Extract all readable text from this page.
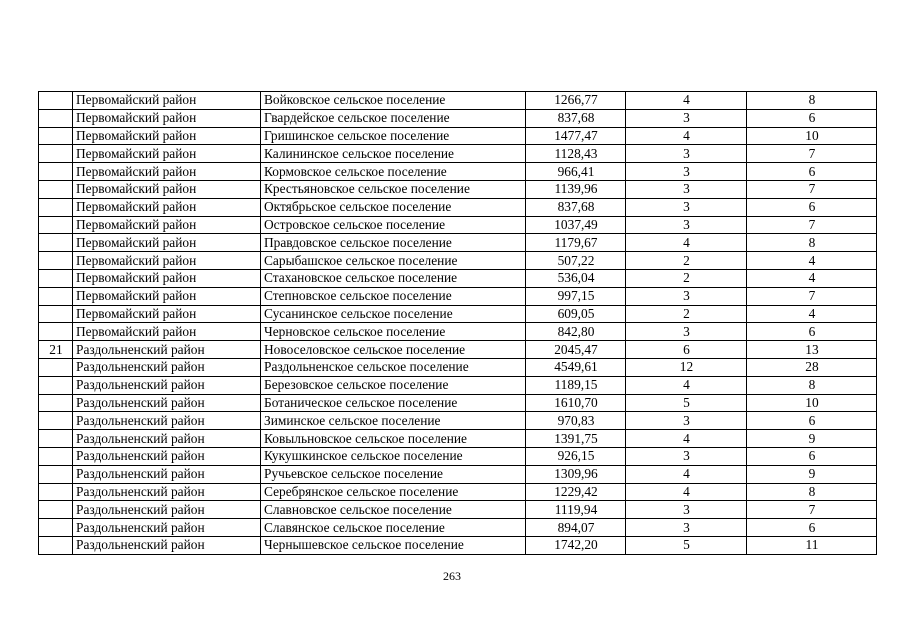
	Первомайский район	Войковское сельское поселение	1266,77	4	8
	Первомайский район	Гвардейское сельское поселение	837,68	3	6
	Первомайский район	Гришинское сельское поселение	1477,47	4	10
	Первомайский район	Калининское сельское поселение	1128,43	3	7
	Первомайский район	Кормовское сельское поселение	966,41	3	6
	Первомайский район	Крестьяновское сельское поселение	1139,96	3	7
	Первомайский район	Октябрьское сельское поселение	837,68	3	6
	Первомайский район	Островское сельское поселение	1037,49	3	7
	Первомайский район	Правдовское сельское поселение	1179,67	4	8
	Первомайский район	Сарыбашское сельское поселение	507,22	2	4
	Первомайский район	Стахановское сельское поселение	536,04	2	4
	Первомайский район	Степновское сельское поселение	997,15	3	7
	Первомайский район	Сусанинское сельское поселение	609,05	2	4
	Первомайский район	Черновское сельское поселение	842,80	3	6
21	Раздольненский район	Новоселовское сельское поселение	2045,47	6	13
	Раздольненский район	Раздольненское сельское поселение	4549,61	12	28
	Раздольненский район	Березовское сельское поселение	1189,15	4	8
	Раздольненский район	Ботаническое сельское поселение	1610,70	5	10
	Раздольненский район	Зиминское сельское поселение	970,83	3	6
	Раздольненский район	Ковыльновское сельское поселение	1391,75	4	9
	Раздольненский район	Кукушкинское сельское поселение	926,15	3	6
	Раздольненский район	Ручьевское сельское поселение	1309,96	4	9
	Раздольненский район	Серебрянское сельское поселение	1229,42	4	8
	Раздольненский район	Славновское сельское поселение	1119,94	3	7
	Раздольненский район	Славянское сельское поселение	894,07	3	6
	Раздольненский район	Чернышевское сельское поселение	1742,20	5	11
263
